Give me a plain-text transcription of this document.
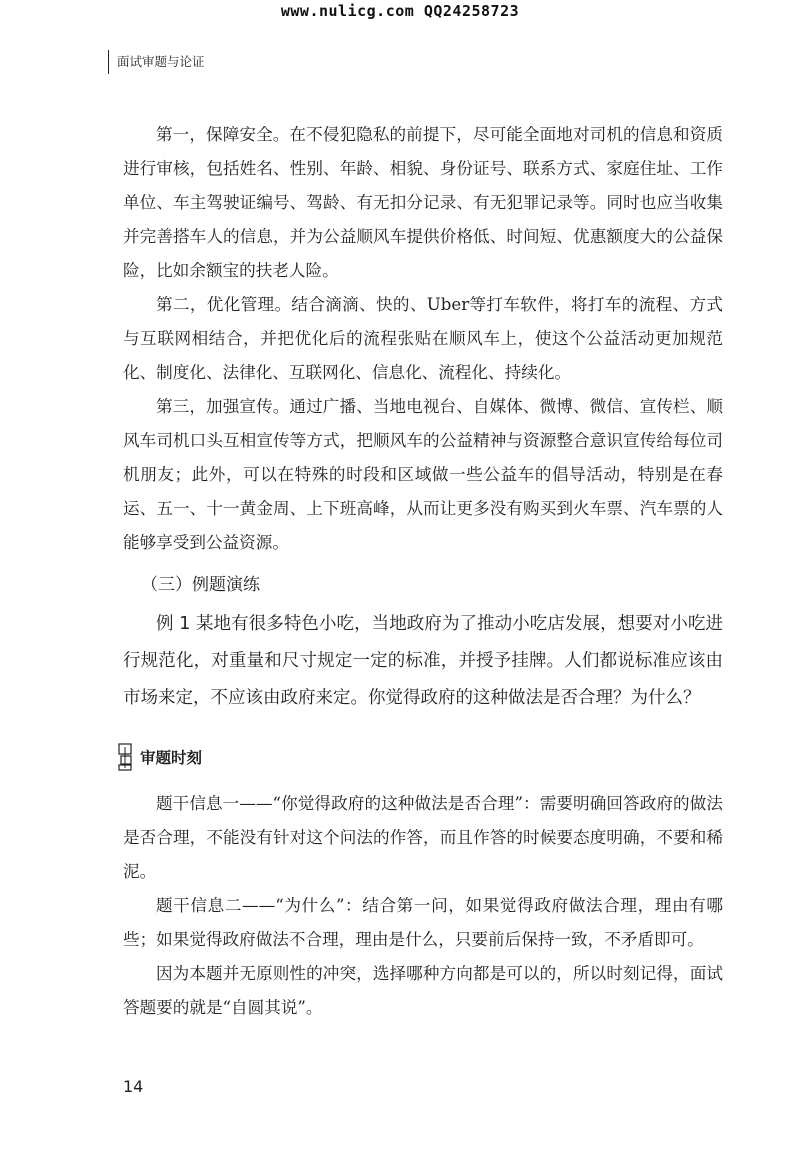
www.nulicg.com QQ24258723
面试审题与论证

第一，保障安全。在不侵犯隐私的前提下，尽可能全面地对司机的信息和资质进行审核，包括姓名、性别、年龄、相貌、身份证号、联系方式、家庭住址、工作单位、车主驾驶证编号、驾龄、有无扣分记录、有无犯罪记录等。同时也应当收集并完善搭车人的信息，并为公益顺风车提供价格低、时间短、优惠额度大的公益保险，比如余额宝的扶老人险。

第二，优化管理。结合滴滴、快的、Uber等打车软件，将打车的流程、方式与互联网相结合，并把优化后的流程张贴在顺风车上，使这个公益活动更加规范化、制度化、法律化、互联网化、信息化、流程化、持续化。

第三，加强宣传。通过广播、当地电视台、自媒体、微博、微信、宣传栏、顺风车司机口头互相宣传等方式，把顺风车的公益精神与资源整合意识宣传给每位司机朋友；此外，可以在特殊的时段和区域做一些公益车的倡导活动，特别是在春运、五一、十一黄金周、上下班高峰，从而让更多没有购买到火车票、汽车票的人能够享受到公益资源。

（三）例题演练

例 1 某地有很多特色小吃，当地政府为了推动小吃店发展，想要对小吃进行规范化，对重量和尺寸规定一定的标准，并授予挂牌。人们都说标准应该由市场来定，不应该由政府来定。你觉得政府的这种做法是否合理？为什么？

审题时刻

题干信息一——“你觉得政府的这种做法是否合理”：需要明确回答政府的做法是否合理，不能没有针对这个问法的作答，而且作答的时候要态度明确，不要和稀泥。

题干信息二——“为什么”：结合第一问，如果觉得政府做法合理，理由有哪些；如果觉得政府做法不合理，理由是什么，只要前后保持一致，不矛盾即可。

因为本题并无原则性的冲突，选择哪种方向都是可以的，所以时刻记得，面试答题要的就是“自圆其说”。

14
